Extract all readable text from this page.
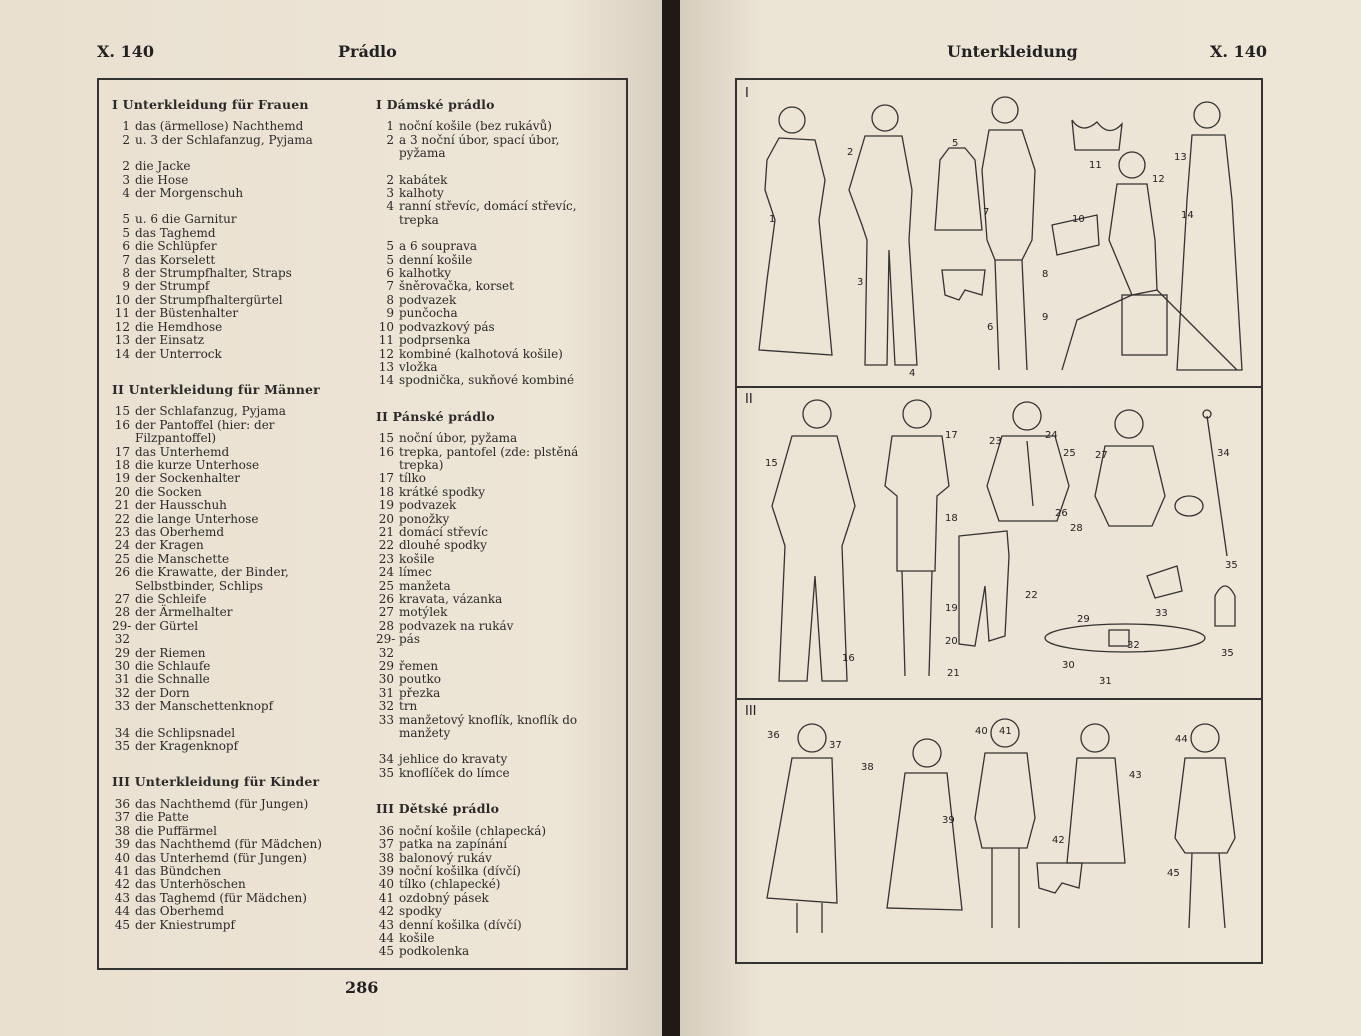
X. 140	Prádlo
I Unterkleidung für Frauen
1 das (ärmellose) Nachthemd
2 u. 3 der Schlafanzug, Pyjama
2 die Jacke
3 die Hose
4 der Morgenschuh
5 u. 6 die Garnitur
5 das Taghemd
6 die Schlüpfer
7 das Korselett
8 der Strumpfhalter, Straps
9 der Strumpf
10 der Strumpfhaltergürtel
11 der Büstenhalter
12 die Hemdhose
13 der Einsatz
14 der Unterrock
II Unterkleidung für Männer
15 der Schlafanzug, Pyjama
16 der Pantoffel (hier: der Filzpantoffel)
17 das Unterhemd
18 die kurze Unterhose
19 der Sockenhalter
20 die Socken
21 der Hausschuh
22 die lange Unterhose
23 das Oberhemd
24 der Kragen
25 die Manschette
26 die Krawatte, der Binder, Selbstbinder, Schlips
27 die Schleife
28 der Ärmelhalter
29-32
der Gürtel
29 der Riemen
30 die Schlaufe
31 die Schnalle
32 der Dorn
33 der Manschettenknopf
34 die Schlipsnadel
35 der Kragenknopf
III Unterkleidung für Kinder
36 das Nachthemd (für Jungen)
37 die Patte
38 die Puffärmel
39 das Nachthemd (für Mädchen)
40 das Unterhemd (für Jungen)
41 das Bündchen
42 das Unterhöschen
43 das Taghemd (für Mädchen)
44 das Oberhemd
45 der Kniestrumpf
I Dámské prádlo
1 noční košile (bez rukávů)
2 a 3 noční úbor, spací úbor, pyžama
2 kabátek
3 kalhoty
4 ranní střevíc, domácí střevíc, trepka
5 a 6 souprava
5 denní košile
6 kalhotky
7 šněrovačka, korset
8 podvazek
9 punčocha
10 podvazkový pás
11 podprsenka
12 kombiné (kalhotová košile)
13 vložka
14 spodnička, sukňové kombiné
II Pánské prádlo
15 noční úbor, pyžama
16 trepka, pantofel (zde: plstěná trepka)
17 tílko
18 krátké spodky
19 podvazek
20 ponožky
21 domácí střevíc
22 dlouhé spodky
23 košile
24 límec
25 manžeta
26 kravata, vázanka
27 motýlek
28 podvazek na rukáv
29-32
pás
29 řemen
30 poutko
31 přezka
32 trn
33 manžetový knoflík, knoflík do manžety
34 jehlice do kravaty
35 knoflíček do límce
III Dětské prádlo
36 noční košile (chlapecká)
37 patka na zapínání
38 balonový rukáv
39 noční košilka (dívčí)
40 tílko (chlapecké)
41 ozdobný pásek
42 spodky
43 denní košilka (dívčí)
44 košile
45 podkolenka
286
Unterkleidung	X. 140
I
1
2
3
4
5
6
7
8
9
10
11
12
13
14
II
15
16
17
18
19
20
21
22
23
24
25
26
27
28
29
30
31
32
33
34
35
35
III
36
37
38
39
40 41
42
43
44
45
